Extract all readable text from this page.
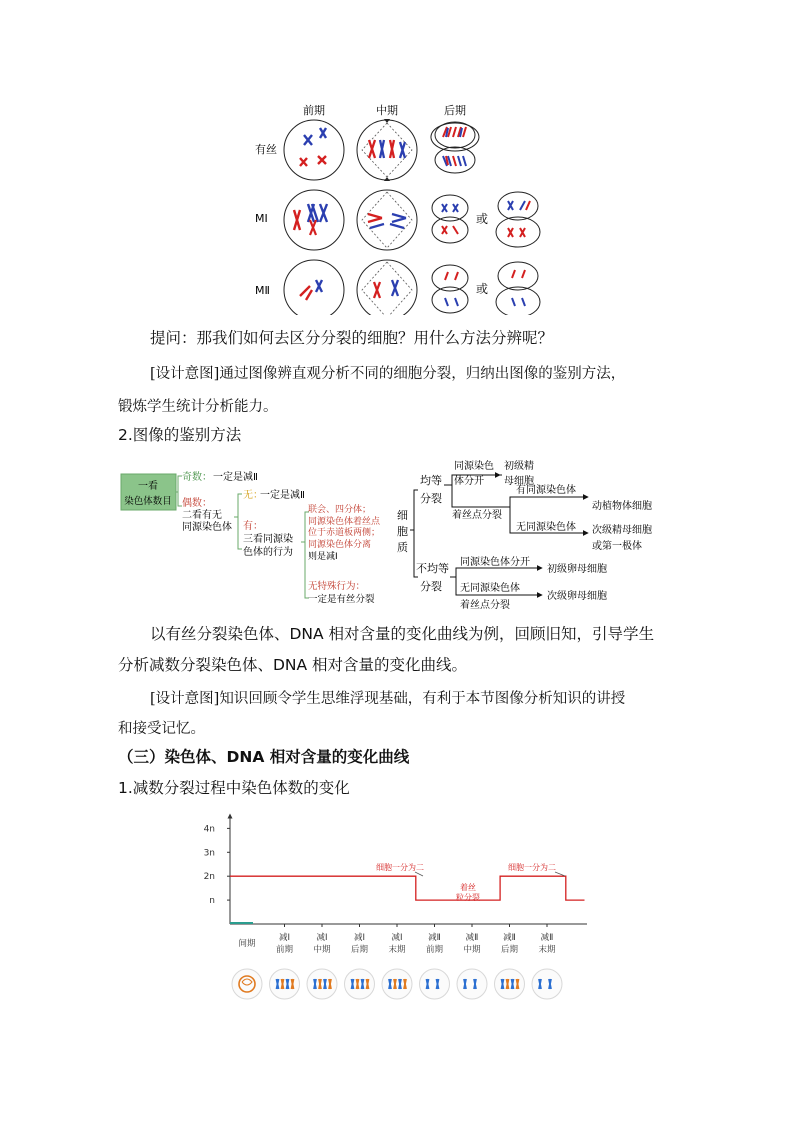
前期	中期	后期
有丝
MⅠ
MⅡ
或
或
提问：那我们如何去区分分裂的细胞？用什么方法分辨呢？
[设计意图]通过图像辨直观分析不同的细胞分裂，归纳出图像的鉴别方法，
锻炼学生统计分析能力。
2.图像的鉴别方法
一看
染色体数目
奇数： 一定是减Ⅱ
偶数：
二看有无
同源染色体
无：
一定是减Ⅱ
有：
三看同源染
色体的行为
联会、四分体；
同源染色体着丝点
位于赤道板两侧；
同源染色体分离
则是减Ⅰ
无特殊行为：
一定是有丝分裂
细
胞
质
均等
分裂
同源染色
体分开
初级精
母细胞
着丝点分裂
有同源染色体
动植物体细胞
无同源染色体 次级精母细胞
或第一极体
不均等
分裂
同源染色体分开
初级卵母细胞
无同源染色体
着丝点分裂
次级卵母细胞
以有丝分裂染色体、DNA 相对含量的变化曲线为例，回顾旧知，引导学生
分析减数分裂染色体、DNA 相对含量的变化曲线。
[设计意图]知识回顾令学生思维浮现基础，有利于本节图像分析知识的讲授
和接受记忆。
（三）染色体、DNA 相对含量的变化曲线
1.减数分裂过程中染色体数的变化
4n
3n
2n
n
间期
减Ⅰ
前期
减Ⅰ
中期
减Ⅰ
后期
减Ⅰ
末期
减Ⅱ
前期
减Ⅱ
中期
减Ⅱ
后期
减Ⅱ
末期
细胞一分为二
着丝
粒分裂
细胞一分为二
